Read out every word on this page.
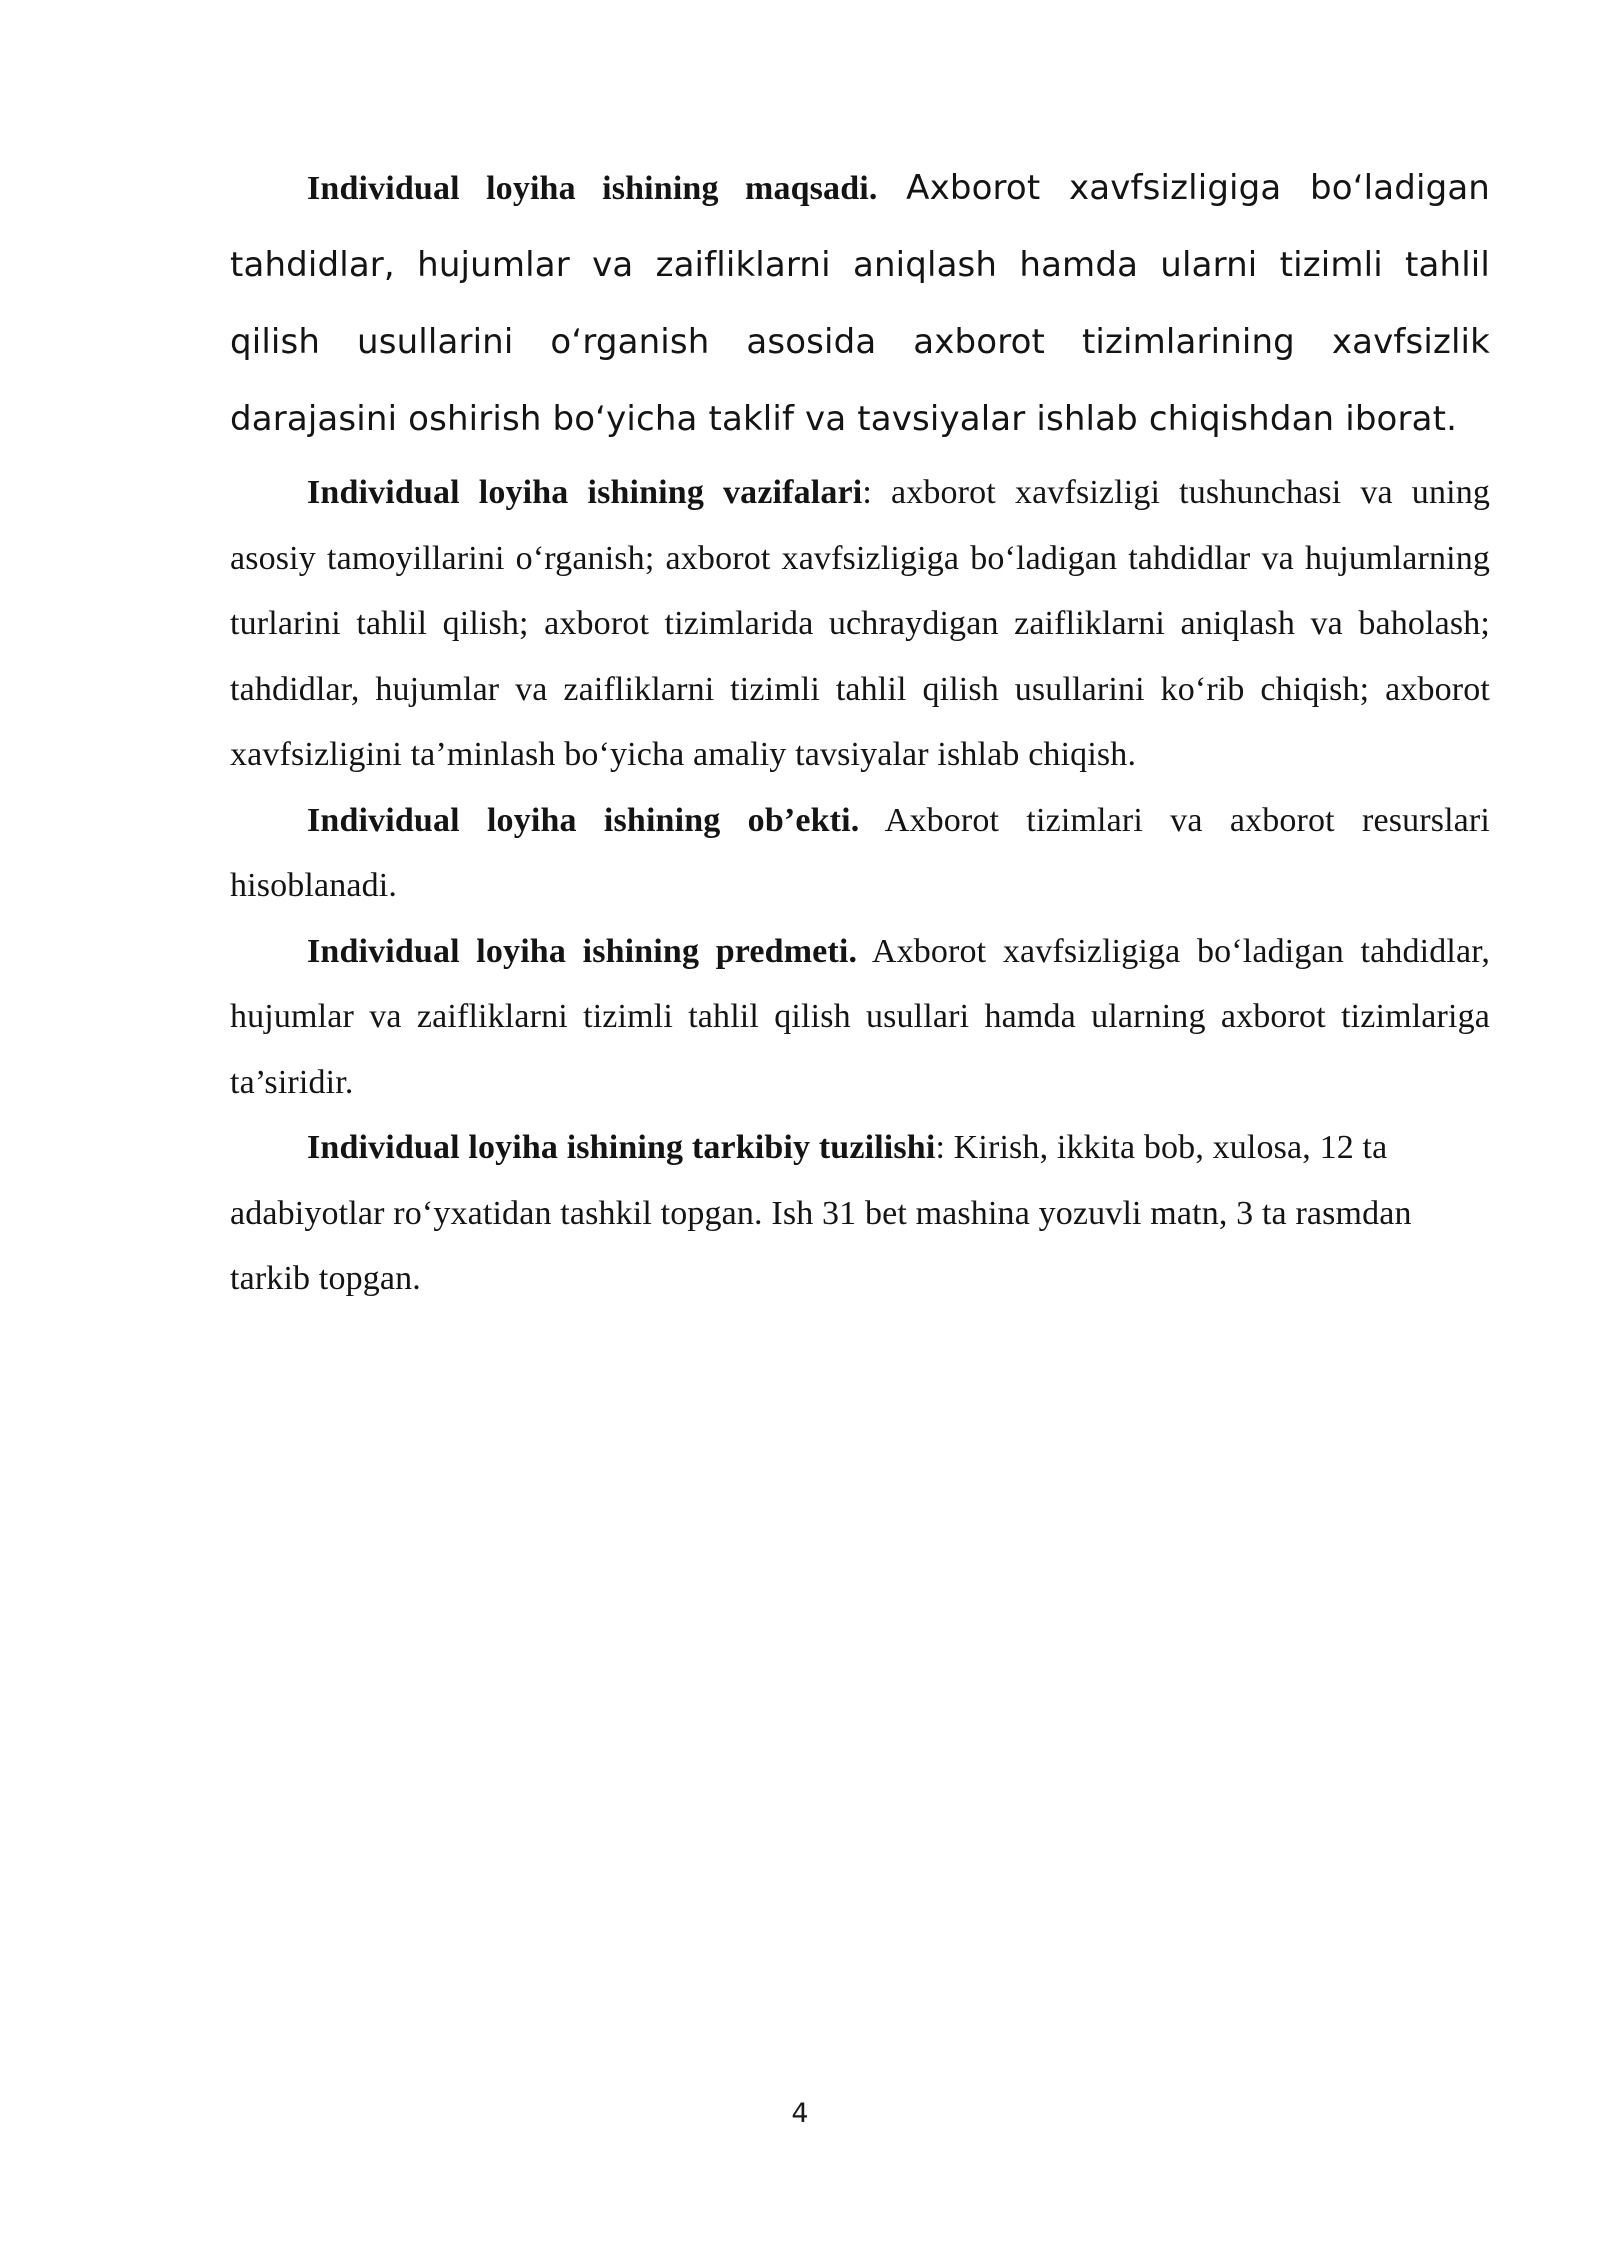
Individual loyiha ishining maqsadi. Axborot xavfsizligiga bo‘ladigan tahdidlar, hujumlar va zaifliklarni aniqlash hamda ularni tizimli tahlil qilish usullarini o‘rganish asosida axborot tizimlarining xavfsizlik darajasini oshirish bo‘yicha taklif va tavsiyalar ishlab chiqishdan iborat.

Individual loyiha ishining vazifalari: axborot xavfsizligi tushunchasi va uning asosiy tamoyillarini o‘rganish; axborot xavfsizligiga bo‘ladigan tahdidlar va hujumlarning turlarini tahlil qilish; axborot tizimlarida uchraydigan zaifliklarni aniqlash va baholash; tahdidlar, hujumlar va zaifliklarni tizimli tahlil qilish usullarini ko‘rib chiqish; axborot xavfsizligini ta’minlash bo‘yicha amaliy tavsiyalar ishlab chiqish.

Individual loyiha ishining ob’ekti. Axborot tizimlari va axborot resurslari hisoblanadi.

Individual loyiha ishining predmeti. Axborot xavfsizligiga bo‘ladigan tahdidlar, hujumlar va zaifliklarni tizimli tahlil qilish usullari hamda ularning axborot tizimlariga ta’siridir.

Individual loyiha ishining tarkibiy tuzilishi: Kirish, ikkita bob, xulosa, 12 ta adabiyotlar ro‘yxatidan tashkil topgan. Ish 31 bet mashina yozuvli matn, 3 ta rasmdan tarkib topgan.

4
